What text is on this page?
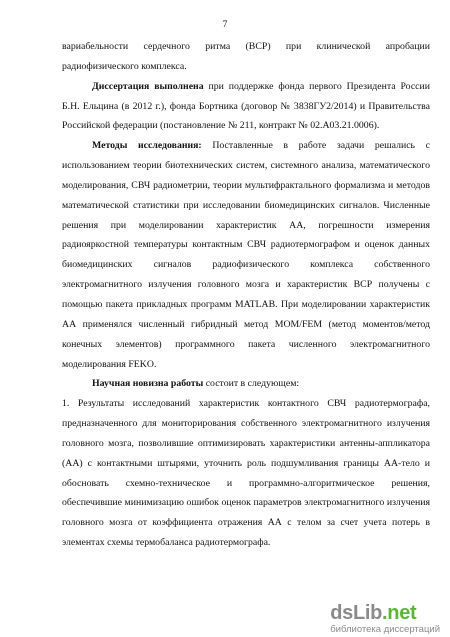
7

вариабельности сердечного ритма (ВСР) при клинической апробации радиофизического комплекса.

Диссертация выполнена при поддержке фонда первого Президента России Б.Н. Ельцина (в 2012 г.), фонда Бортника (договор № 3838ГУ2/2014) и Правительства Российской федерации (постановление № 211, контракт № 02.A03.21.0006).

Методы исследования: Поставленные в работе задачи решались с использованием теории биотехнических систем, системного анализа, математического моделирования, СВЧ радиометрии, теории мультифрактального формализма и методов математической статистики при исследовании биомедицинских сигналов. Численные решения при моделировании характеристик АА, погрешности измерения радиояркостной температуры контактным СВЧ радиотермографом и оценок данных биомедицинских сигналов радиофизического комплекса собственного электромагнитного излучения головного мозга и характеристик ВСР получены с помощью пакета прикладных программ MATLAB. При моделировании характеристик АА применялся численный гибридный метод MOM/FEM (метод моментов/метод конечных элементов) программного пакета численного электромагнитного моделирования FEKO.

Научная новизна работы состоит в следующем:

1. Результаты исследований характеристик контактного СВЧ радиотермографа, предназначенного для мониторирования собственного электромагнитного излучения головного мозга, позволившие оптимизировать характеристики антенны-аппликатора (АА) с контактными штырями, уточнить роль подшумливания границы АА-тело и обосновать схемно-техническое и программно-алгоритмическое решения, обеспечившие минимизацию ошибок оценок параметров электромагнитного излучения головного мозга от коэффициента отражения АА с телом за счет учета потерь в элементах схемы термобаланса радиотермографа.

dsLib.net
библиотека диссертаций
